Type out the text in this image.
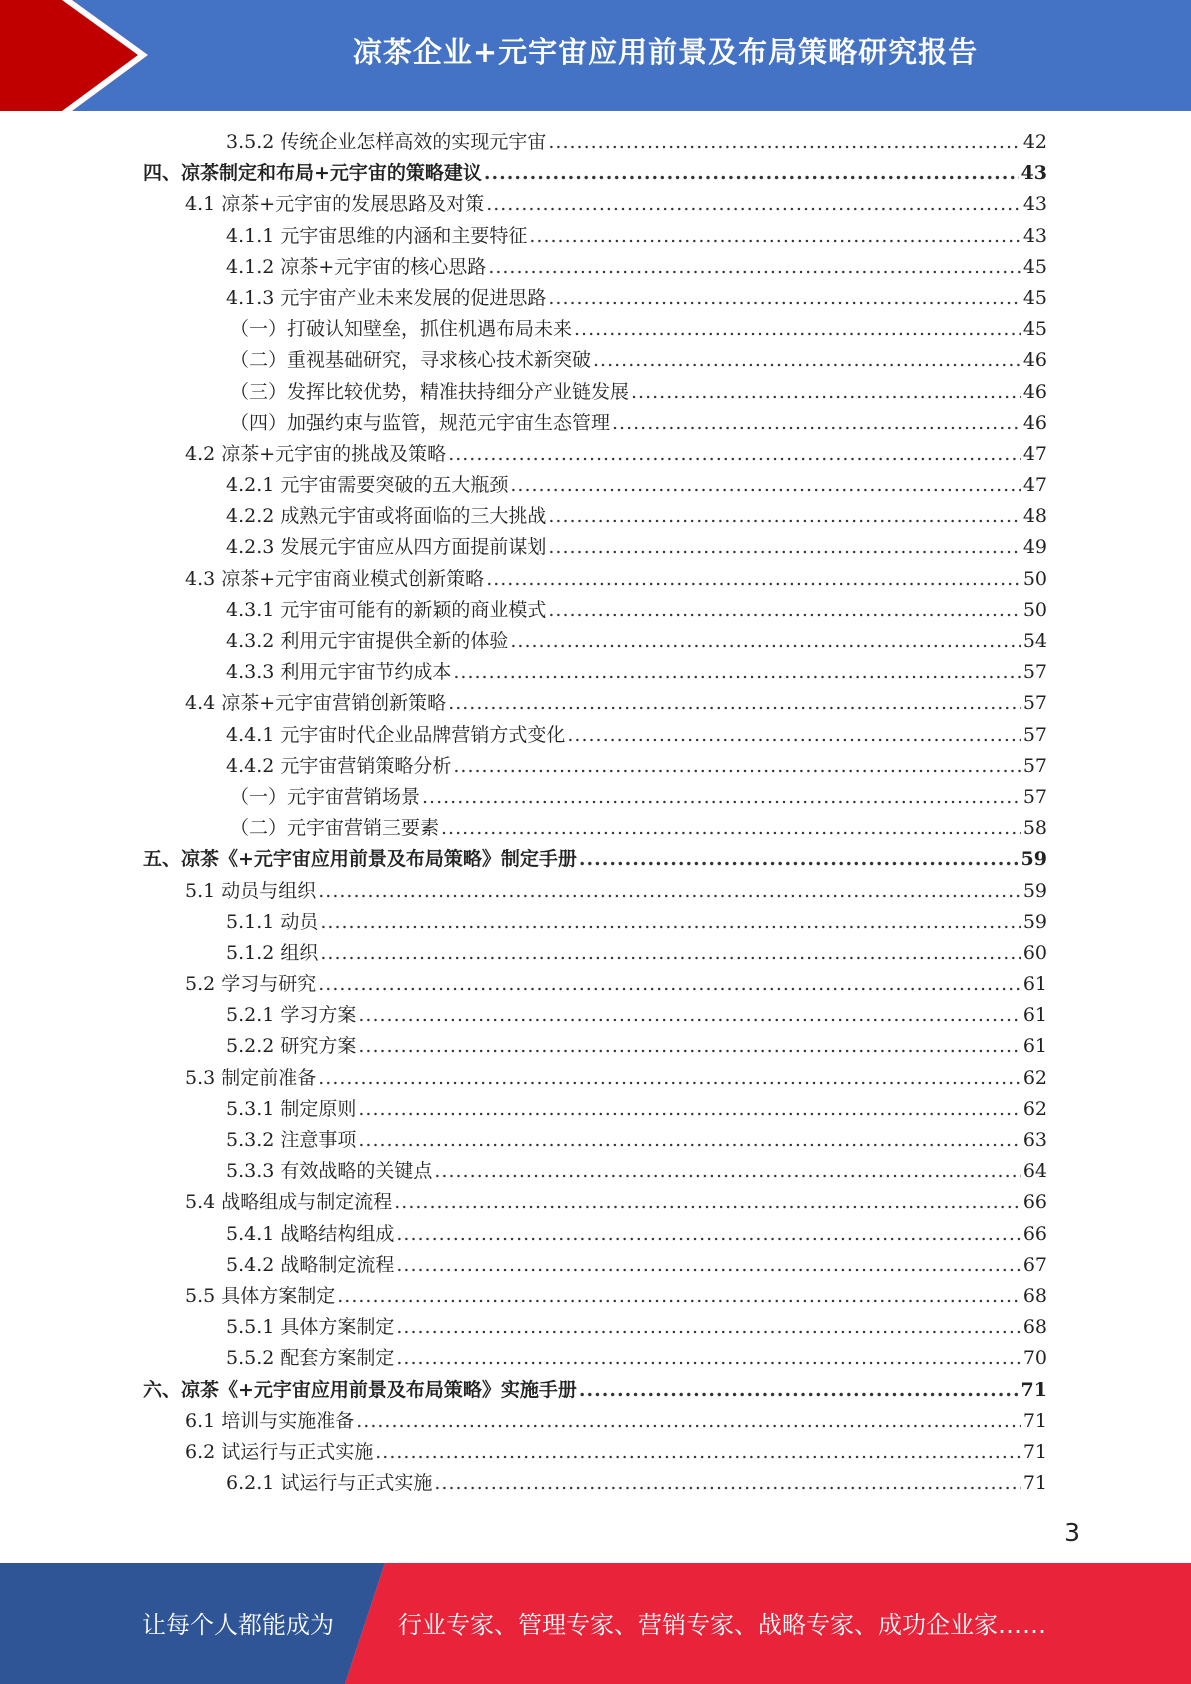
凉茶企业+元宇宙应用前景及布局策略研究报告
3.5.2 传统企业怎样高效的实现元宇宙 .....	42
四、凉茶制定和布局+元宇宙的策略建议 .....	43
4.1 凉茶+元宇宙的发展思路及对策 .....	43
4.1.1 元宇宙思维的内涵和主要特征 .....	43
4.1.2 凉茶+元宇宙的核心思路 .....	45
4.1.3 元宇宙产业未来发展的促进思路 .....	45
（一）打破认知壁垒，抓住机遇布局未来 .....	45
（二）重视基础研究，寻求核心技术新突破 .....	46
（三）发挥比较优势，精准扶持细分产业链发展 .....	46
（四）加强约束与监管，规范元宇宙生态管理 .....	46
4.2 凉茶+元宇宙的挑战及策略 .....	47
4.2.1 元宇宙需要突破的五大瓶颈 .....	47
4.2.2 成熟元宇宙或将面临的三大挑战 .....	48
4.2.3 发展元宇宙应从四方面提前谋划 .....	49
4.3 凉茶+元宇宙商业模式创新策略 .....	50
4.3.1 元宇宙可能有的新颖的商业模式 .....	50
4.3.2 利用元宇宙提供全新的体验 .....	54
4.3.3 利用元宇宙节约成本 .....	57
4.4 凉茶+元宇宙营销创新策略 .....	57
4.4.1 元宇宙时代企业品牌营销方式变化 .....	57
4.4.2 元宇宙营销策略分析 .....	57
（一）元宇宙营销场景 .....	57
（二）元宇宙营销三要素 .....	58
五、凉茶《+元宇宙应用前景及布局策略》制定手册 .....	59
5.1 动员与组织 .....	59
5.1.1 动员 .....	59
5.1.2 组织 .....	60
5.2 学习与研究 .....	61
5.2.1 学习方案 .....	61
5.2.2 研究方案 .....	61
5.3 制定前准备 .....	62
5.3.1 制定原则 .....	62
5.3.2 注意事项 .....	63
5.3.3 有效战略的关键点 .....	64
5.4 战略组成与制定流程 .....	66
5.4.1 战略结构组成 .....	66
5.4.2 战略制定流程 .....	67
5.5 具体方案制定 .....	68
5.5.1 具体方案制定 .....	68
5.5.2 配套方案制定 .....	70
六、凉茶《+元宇宙应用前景及布局策略》实施手册 .....	71
6.1 培训与实施准备 .....	71
6.2 试运行与正式实施 .....	71
6.2.1 试运行与正式实施 .....	71
3
让每个人都能成为	行业专家、管理专家、营销专家、战略专家、成功企业家……
